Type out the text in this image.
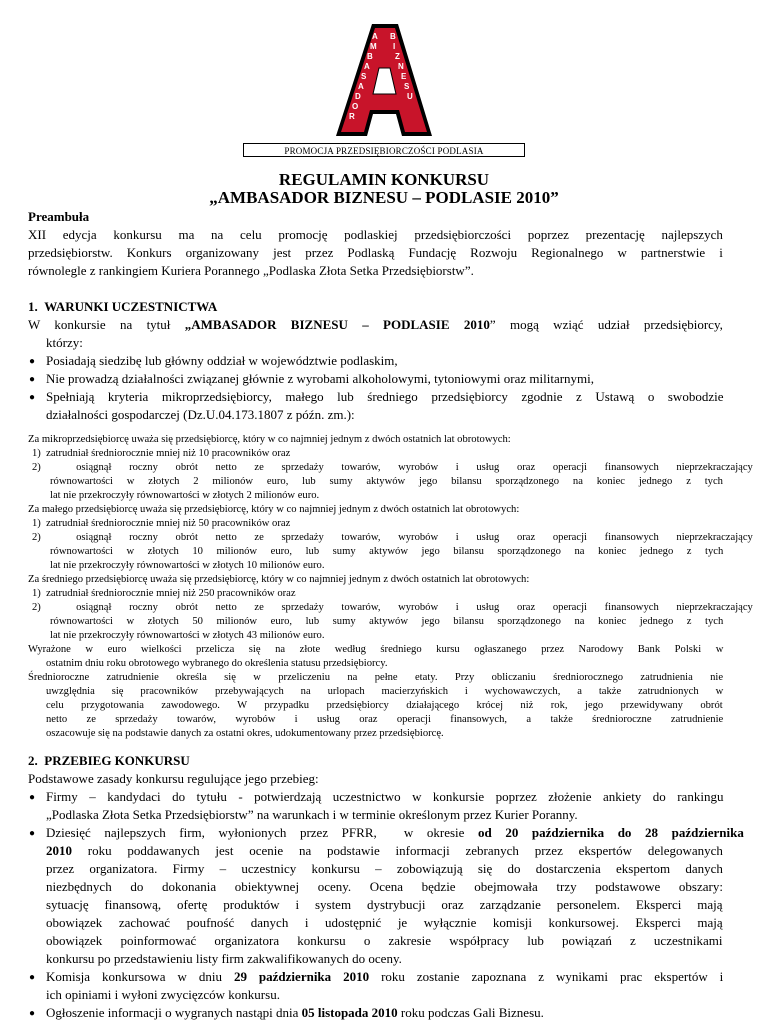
A
M
B
A
S
A
D
O
R
B
I
Z
N
E
S
U
PROMOCJA PRZEDSIĘBIORCZOŚCI PODLASIA
REGULAMIN KONKURSU
„AMBASADOR BIZNESU – PODLASIE 2010”
Preambuła
XII edycja konkursu ma na celu promocję podlaskiej przedsiębiorczości poprzez prezentację najlepszych
przedsiębiorstw. Konkurs organizowany jest przez Podlaską Fundację Rozwoju Regionalnego w partnerstwie i
równolegle z rankingiem Kuriera Porannego „Podlaska Złota Setka Przedsiębiorstw”.
1.  WARUNKI UCZESTNICTWA
W konkursie na tytuł „AMBASADOR BIZNESU – PODLASIE 2010” mogą wziąć udział przedsiębiorcy,
którzy:
● Posiadają siedzibę lub główny oddział w województwie podlaskim,
● Nie prowadzą działalności związanej głównie z wyrobami alkoholowymi, tytoniowymi oraz militarnymi,
● Spełniają kryteria mikroprzedsiębiorcy, małego lub średniego przedsiębiorcy zgodnie z Ustawą o swobodzie
działalności gospodarczej (Dz.U.04.173.1807 z późn. zm.):
Za mikroprzedsiębiorcę uważa się przedsiębiorcę, który w co najmniej jednym z dwóch ostatnich lat obrotowych:
1)  zatrudniał średniorocznie mniej niż 10 pracowników oraz
2)  osiągnął roczny obrót netto ze sprzedaży towarów, wyrobów i usług oraz operacji finansowych nieprzekraczający
równowartości w złotych 2 milionów euro, lub sumy aktywów jego bilansu sporządzonego na koniec jednego z tych
lat nie przekroczyły równowartości w złotych 2 milionów euro.
Za małego przedsiębiorcę uważa się przedsiębiorcę, który w co najmniej jednym z dwóch ostatnich lat obrotowych:
1)  zatrudniał średniorocznie mniej niż 50 pracowników oraz
2)  osiągnął roczny obrót netto ze sprzedaży towarów, wyrobów i usług oraz operacji finansowych nieprzekraczający
równowartości w złotych 10 milionów euro, lub sumy aktywów jego bilansu sporządzonego na koniec jednego z tych
lat nie przekroczyły równowartości w złotych 10 milionów euro.
Za średniego przedsiębiorcę uważa się przedsiębiorcę, który w co najmniej jednym z dwóch ostatnich lat obrotowych:
1)  zatrudniał średniorocznie mniej niż 250 pracowników oraz
2)  osiągnął roczny obrót netto ze sprzedaży towarów, wyrobów i usług oraz operacji finansowych nieprzekraczający
równowartości w złotych 50 milionów euro, lub sumy aktywów jego bilansu sporządzonego na koniec jednego z tych
lat nie przekroczyły równowartości w złotych 43 milionów euro.
Wyrażone w euro wielkości przelicza się na złote według średniego kursu ogłaszanego przez Narodowy Bank Polski w
ostatnim dniu roku obrotowego wybranego do określenia statusu przedsiębiorcy.
Średnioroczne zatrudnienie określa się w przeliczeniu na pełne etaty. Przy obliczaniu średniorocznego zatrudnienia nie
uwzględnia się pracowników przebywających na urlopach macierzyńskich i wychowawczych, a także zatrudnionych w
celu przygotowania zawodowego. W przypadku przedsiębiorcy działającego krócej niż rok, jego przewidywany obrót
netto ze sprzedaży towarów, wyrobów i usług oraz operacji finansowych, a także średnioroczne zatrudnienie
oszacowuje się na podstawie danych za ostatni okres, udokumentowany przez przedsiębiorcę.
2.  PRZEBIEG KONKURSU
Podstawowe zasady konkursu regulujące jego przebieg:
● Firmy – kandydaci do tytułu - potwierdzają uczestnictwo w konkursie poprzez złożenie ankiety do rankingu
„Podlaska Złota Setka Przedsiębiorstw” na warunkach i w terminie określonym przez Kurier Poranny.
● Dziesięć najlepszych firm, wyłonionych przez PFRR,  w okresie od 20 października do 28 października
2010 roku poddawanych jest ocenie na podstawie informacji zebranych przez ekspertów delegowanych
przez organizatora. Firmy – uczestnicy konkursu – zobowiązują się do dostarczenia ekspertom danych
niezbędnych do dokonania obiektywnej oceny. Ocena będzie obejmowała trzy podstawowe obszary:
sytuację finansową, ofertę produktów i system dystrybucji oraz zarządzanie personelem. Eksperci mają
obowiązek zachować poufność danych i udostępnić je wyłącznie komisji konkursowej. Eksperci mają
obowiązek poinformować organizatora konkursu o zakresie współpracy lub powiązań z uczestnikami
konkursu po przedstawieniu listy firm zakwalifikowanych do oceny.
● Komisja konkursowa w dniu 29 października 2010 roku zostanie zapoznana z wynikami prac ekspertów i
ich opiniami i wyłoni zwycięzców konkursu.
● Ogłoszenie informacji o wygranych nastąpi dnia 05 listopada 2010 roku podczas Gali Biznesu.
